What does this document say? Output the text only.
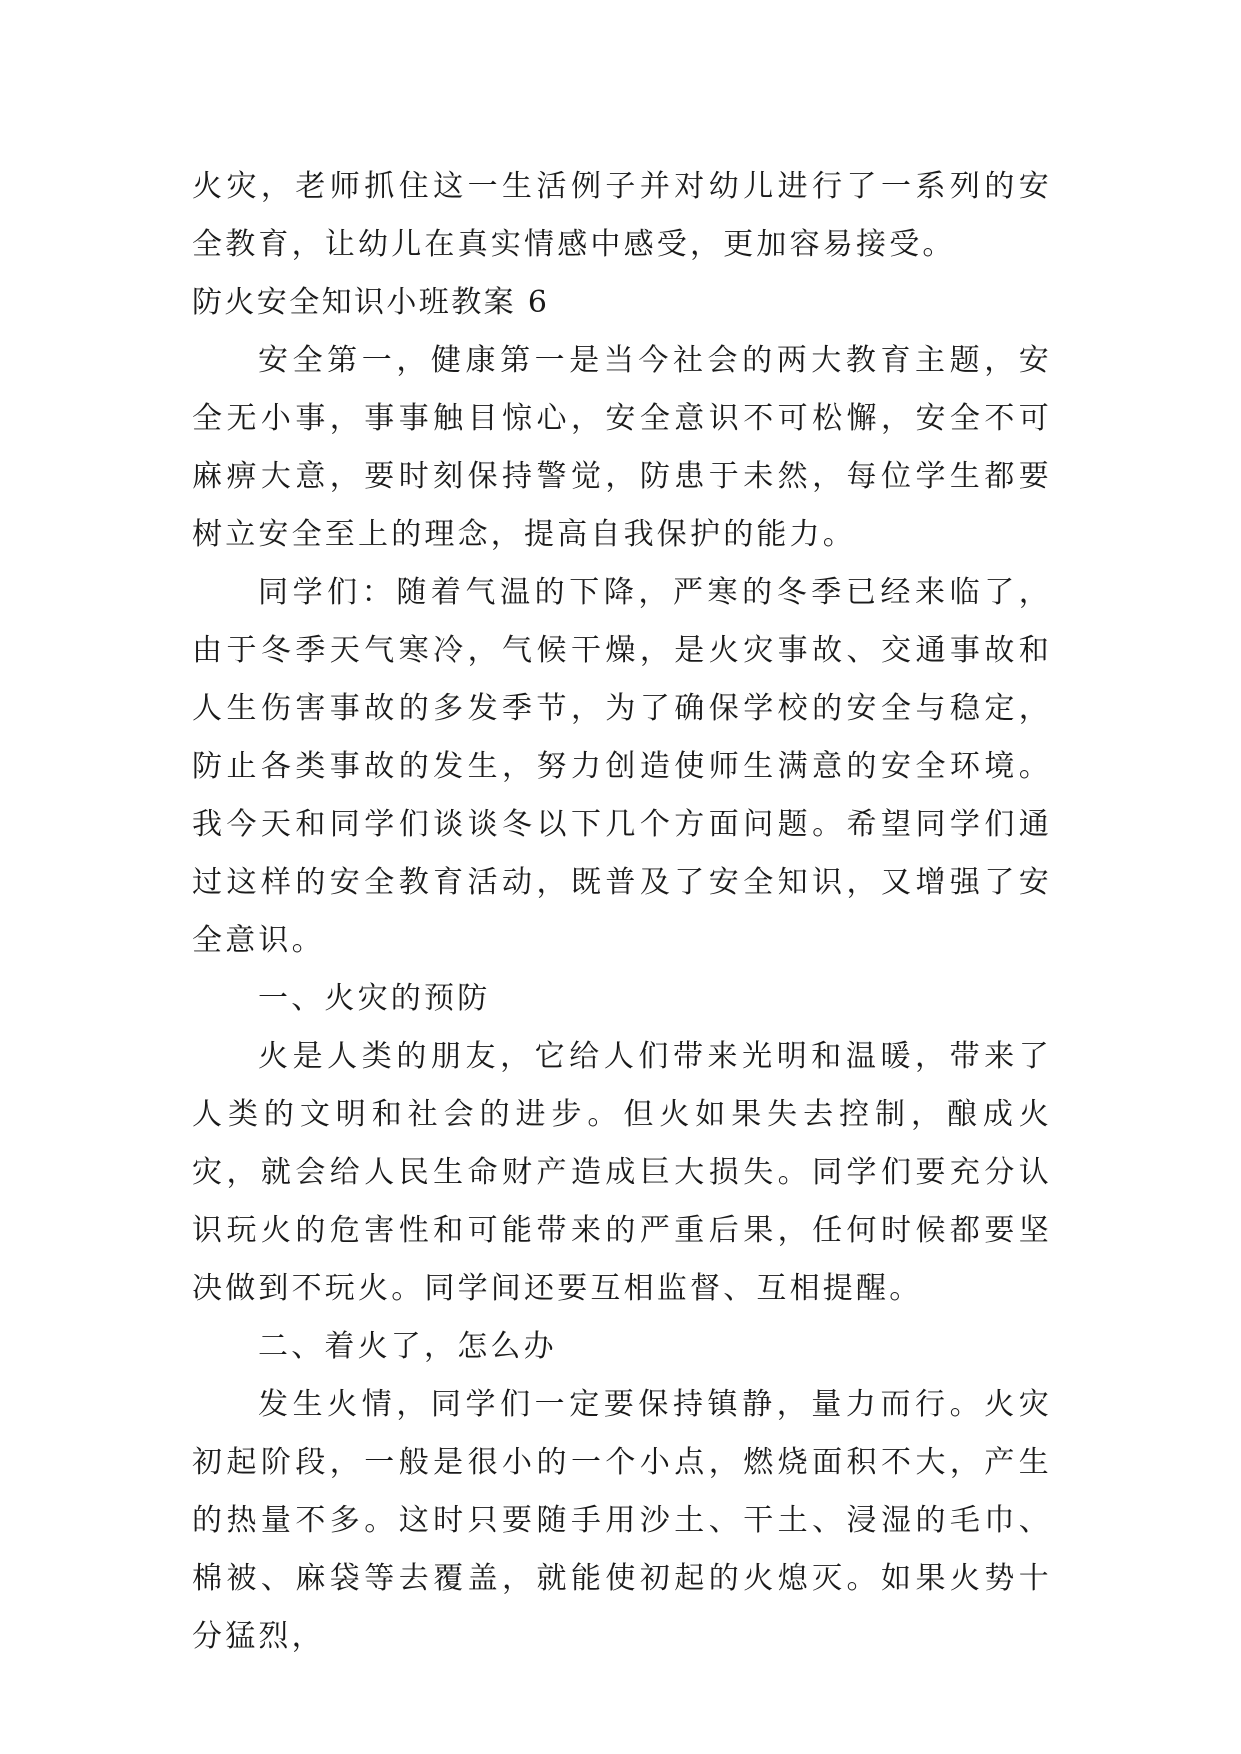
火灾，老师抓住这一生活例子并对幼儿进行了一系列的安全教育，让幼儿在真实情感中感受，更加容易接受。

防火安全知识小班教案 6

安全第一，健康第一是当今社会的两大教育主题，安全无小事，事事触目惊心，安全意识不可松懈，安全不可麻痹大意，要时刻保持警觉，防患于未然，每位学生都要树立安全至上的理念，提高自我保护的能力。

同学们：随着气温的下降，严寒的冬季已经来临了，由于冬季天气寒冷，气候干燥，是火灾事故、交通事故和人生伤害事故的多发季节，为了确保学校的安全与稳定，防止各类事故的发生，努力创造使师生满意的安全环境。我今天和同学们谈谈冬以下几个方面问题。希望同学们通过这样的安全教育活动，既普及了安全知识，又增强了安全意识。

一、火灾的预防

火是人类的朋友，它给人们带来光明和温暖，带来了人类的文明和社会的进步。但火如果失去控制，酿成火灾，就会给人民生命财产造成巨大损失。同学们要充分认识玩火的危害性和可能带来的严重后果，任何时候都要坚决做到不玩火。同学间还要互相监督、互相提醒。

二、着火了，怎么办

发生火情，同学们一定要保持镇静，量力而行。火灾初起阶段，一般是很小的一个小点，燃烧面积不大，产生的热量不多。这时只要随手用沙土、干土、浸湿的毛巾、棉被、麻袋等去覆盖，就能使初起的火熄灭。如果火势十分猛烈，
